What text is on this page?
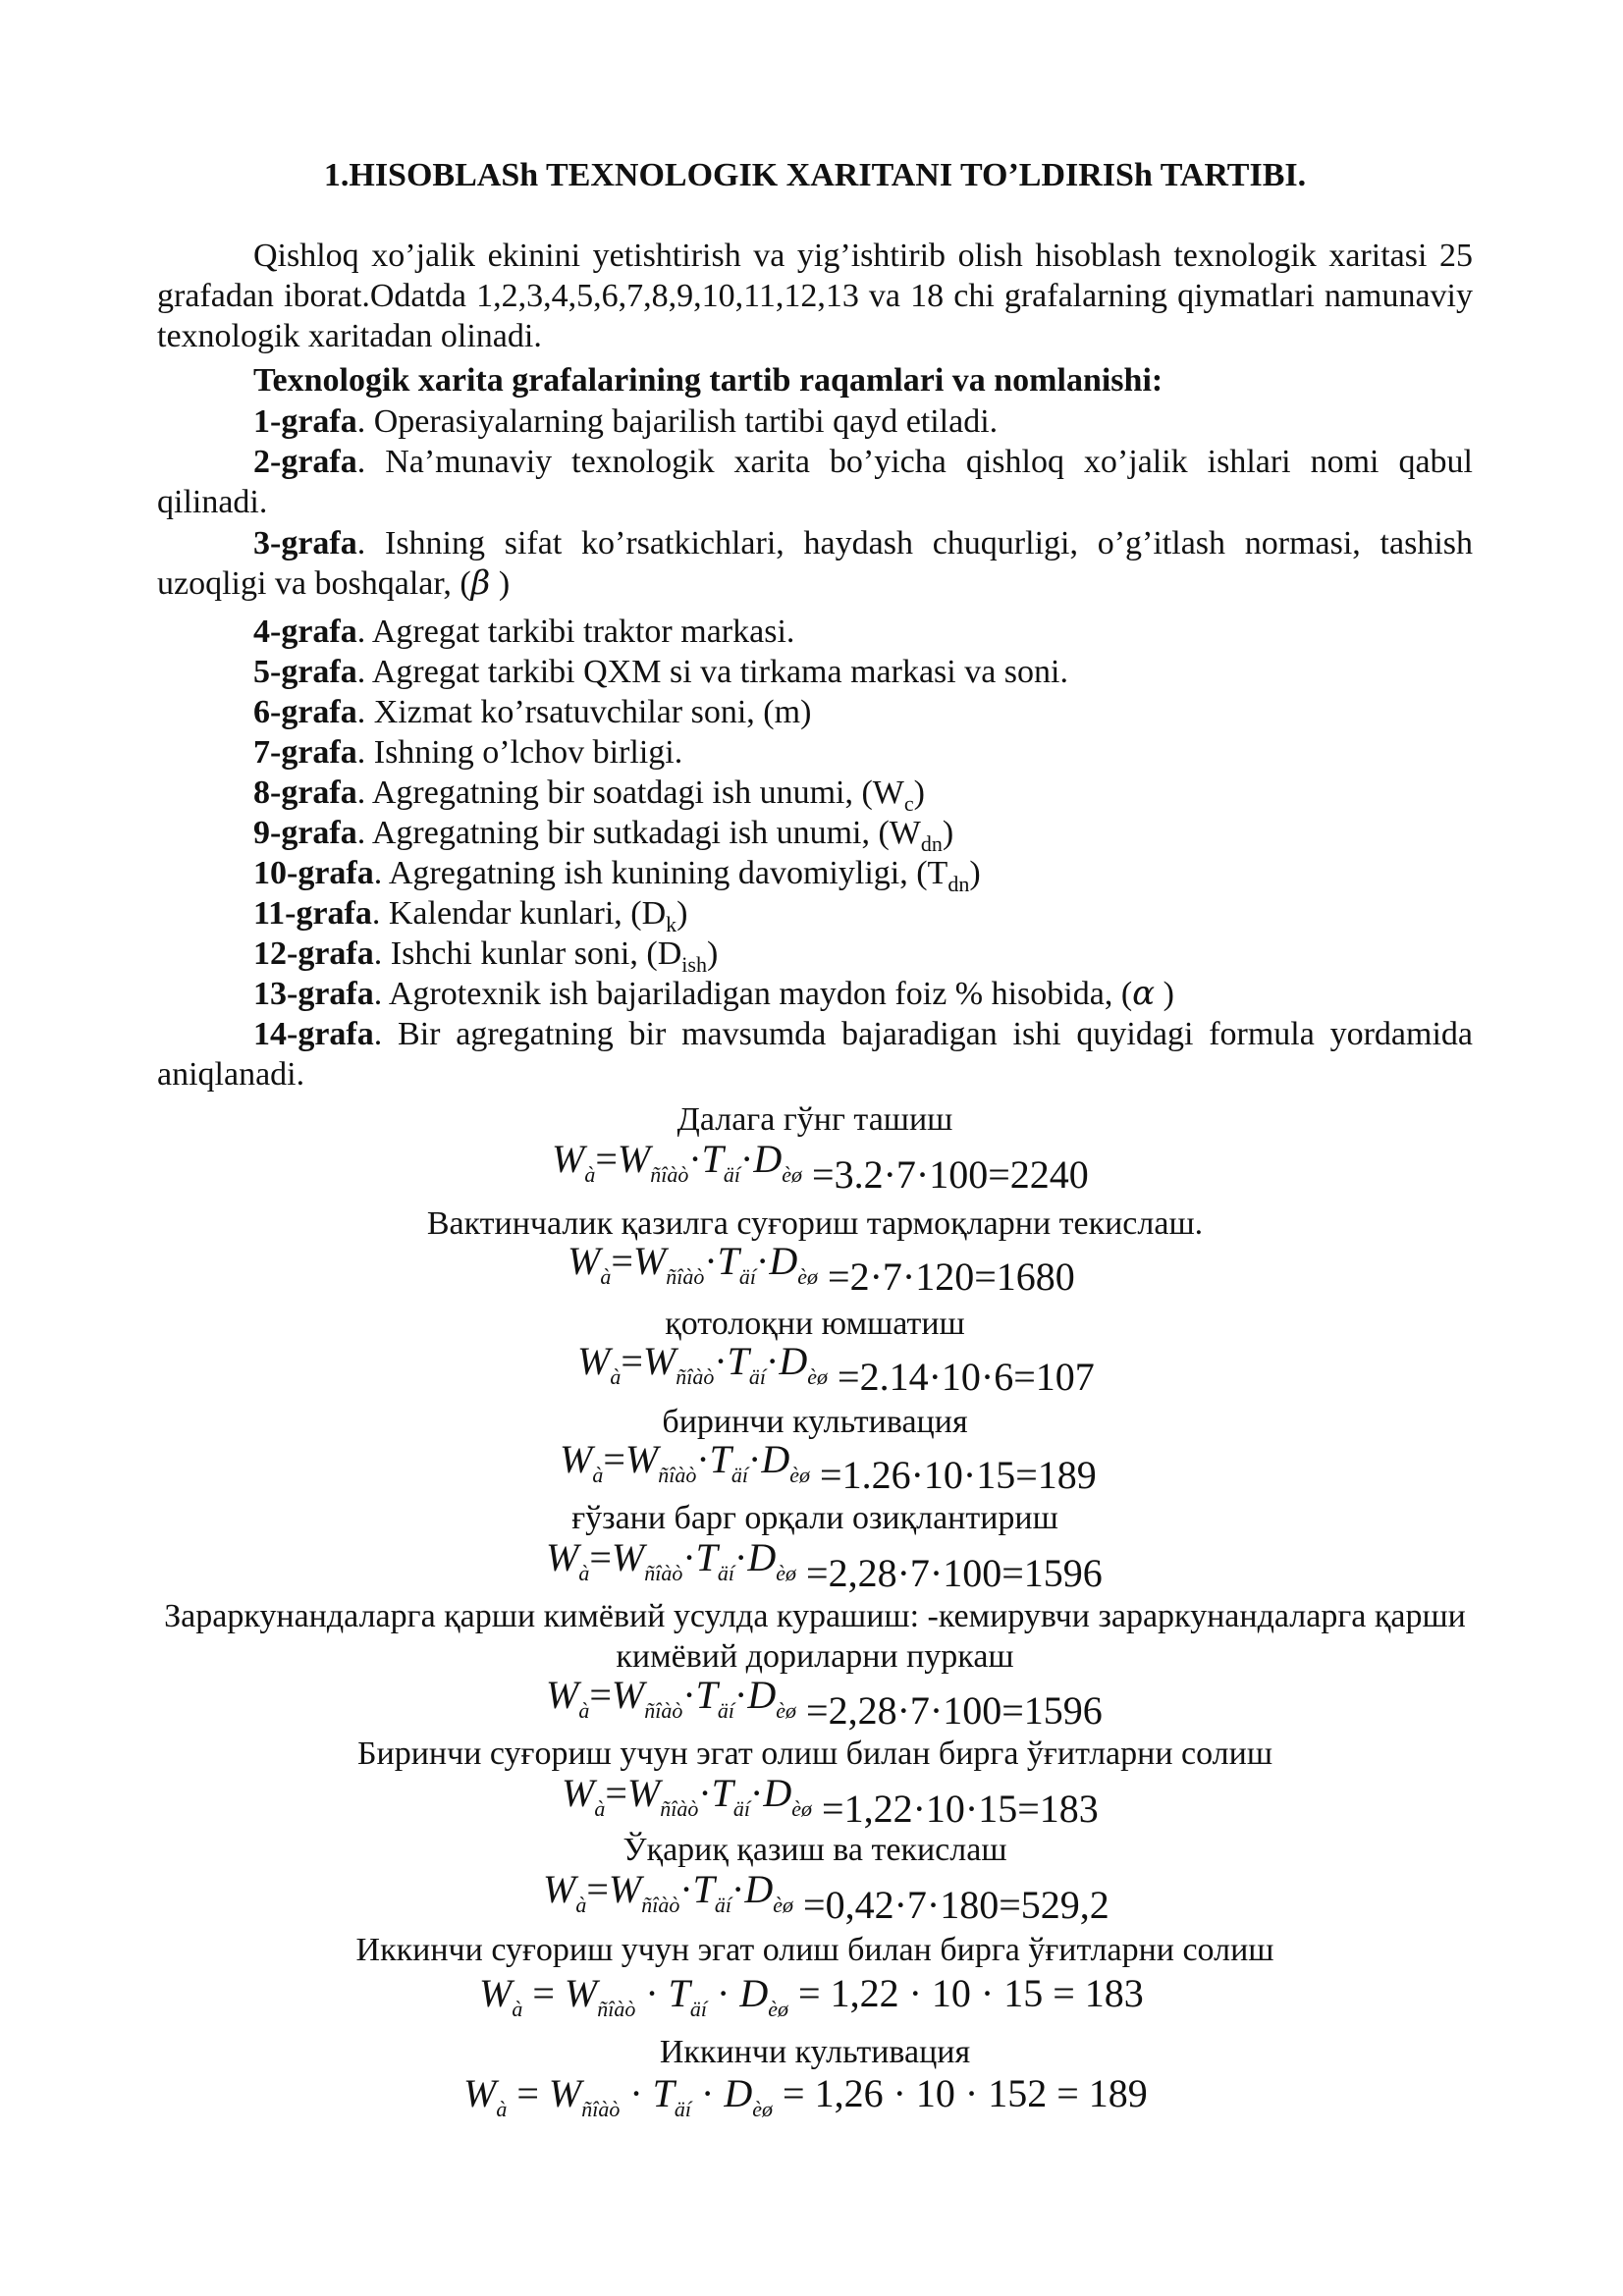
1.HISOBLASh TEXNOLOGIK XARITANI TO’LDIRISh TARTIBI.
Qishloq xo’jalik ekinini yetishtirish va yig’ishtirib olish hisoblash texnologik xaritasi 25 grafadan iborat.Odatda 1,2,3,4,5,6,7,8,9,10,11,12,13 va 18 chi grafalarning qiymatlari namunaviy texnologik xaritadan olinadi.
Texnologik xarita grafalarining tartib raqamlari va nomlanishi:
1-grafa. Operasiyalarning bajarilish tartibi qayd etiladi.
2-grafa. Na’munaviy texnologik xarita bo’yicha qishloq xo’jalik ishlari nomi qabul qilinadi.
3-grafa. Ishning sifat ko’rsatkichlari, haydash chuqurligi, o’g’itlash normasi, tashish uzoqligi va boshqalar, (β )
4-grafa. Agregat tarkibi traktor markasi.
5-grafa. Agregat tarkibi QXM si va tirkama markasi va soni.
6-grafa. Xizmat ko’rsatuvchilar soni, (m)
7-grafa. Ishning o’lchov birligi.
8-grafa. Agregatning bir soatdagi ish unumi, $(W_c)$
9-grafa. Agregatning bir sutkadagi ish unumi, $(W_{dn})$
10-grafa. Agregatning ish kunining davomiyligi, $(T_{dn})$
11-grafa. Kalendar kunlari, $(D_k)$
12-grafa. Ishchi kunlar soni, $(D_{ish})$
13-grafa. Agrotexnik ish bajariladigan maydon foiz % hisobida, (α )
14-grafa. Bir agregatning bir mavsumda bajaradigan ishi quyidagi formula yordamida aniqlanadi.
Далага гўнг ташиш
$W_à=W_{ñîàò}\cdot T_{äí}\cdot D_{èø} =3.2\cdot 7\cdot 100=2240$
Вактинчалик қазилга суғориш тармоқларни текислаш.
$W_à=W_{ñîàò}\cdot T_{äí}\cdot D_{èø} =2\cdot 7\cdot 120=1680$
қотолоқни юмшатиш
$W_à=W_{ñîàò}\cdot T_{äí}\cdot D_{èø} =2.14\cdot 10\cdot 6=107$
биринчи культивация
$W_à=W_{ñîàò}\cdot T_{äí}\cdot D_{èø} =1.26\cdot 10\cdot 15=189$
ғўзани барг орқали озиқлантириш
$W_à=W_{ñîàò}\cdot T_{äí}\cdot D_{èø} =2,28\cdot 7\cdot 100=1596$
Зараркунандаларга қарши кимёвий усулда курашиш: -кемирувчи зараркунандаларга қарши кимёвий дориларни пуркаш
$W_à=W_{ñîàò}\cdot T_{äí}\cdot D_{èø} =2,28\cdot 7\cdot 100=1596$
Биринчи суғориш учун эгат олиш билан бирга ўғитларни солиш
$W_à=W_{ñîàò}\cdot T_{äí}\cdot D_{èø} =1,22\cdot 10\cdot 15=183$
Ўқариқ қазиш ва текислаш
$W_à=W_{ñîàò}\cdot T_{äí}\cdot D_{èø} =0,42\cdot 7\cdot 180=529,2$
Иккинчи суғориш учун эгат олиш билан бирга ўғитларни солиш
$W_à = W_{ñîàò} \cdot T_{äí} \cdot D_{èø} = 1,22 \cdot 10 \cdot 15 = 183$
Иккинчи культивация
$W_à = W_{ñîàò} \cdot T_{äí} \cdot D_{èø} = 1,26 \cdot 10 \cdot 152 = 189$
